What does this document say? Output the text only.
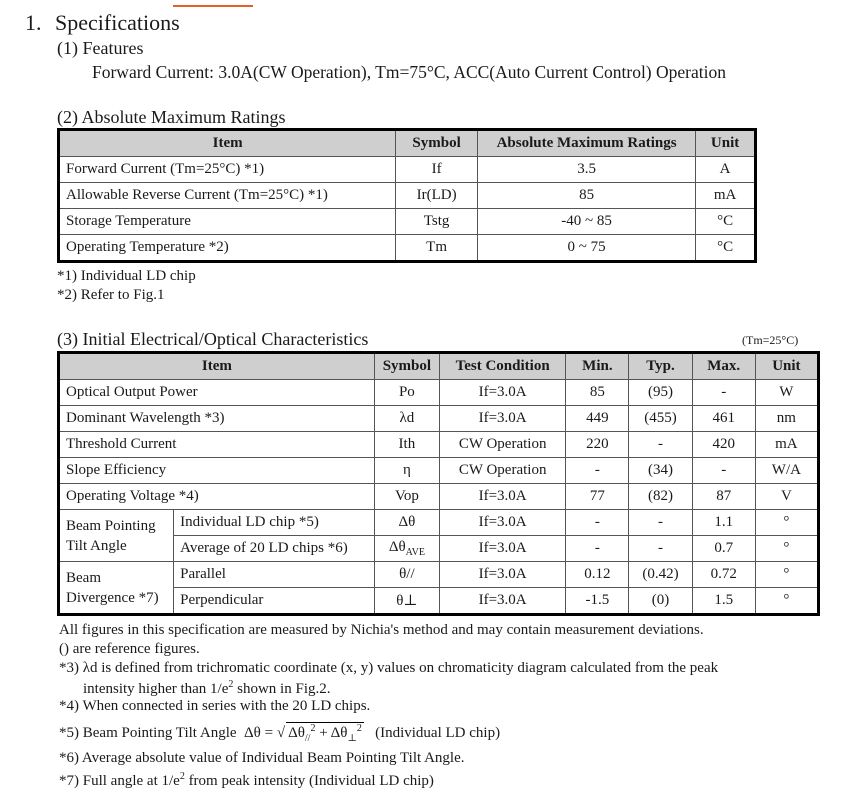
1. Specifications
(1) Features
Forward Current: 3.0A(CW Operation), Tm=75°C, ACC(Auto Current Control) Operation
(2) Absolute Maximum Ratings
Item	Symbol	Absolute Maximum Ratings	Unit
Forward Current (Tm=25°C) *1)	If	3.5	A
Allowable Reverse Current (Tm=25°C) *1)	Ir(LD)	85	mA
Storage Temperature	Tstg	-40 ~ 85	°C
Operating Temperature *2)	Tm	0 ~ 75	°C
*1) Individual LD chip
*2) Refer to Fig.1
(3) Initial Electrical/Optical Characteristics	(Tm=25°C)
Item		Symbol	Test Condition	Min.	Typ.	Max.	Unit
Optical Output Power		Po	If=3.0A	85	(95)	-	W
Dominant Wavelength *3)		λd	If=3.0A	449	(455)	461	nm
Threshold Current		Ith	CW Operation	220	-	420	mA
Slope Efficiency		η	CW Operation	-	(34)	-	W/A
Operating Voltage *4)		Vop	If=3.0A	77	(82)	87	V
Beam Pointing Tilt Angle	Individual LD chip *5)	Δθ	If=3.0A	-	-	1.1	°
	Average of 20 LD chips *6)	$\Delta\theta_{AVE}$	If=3.0A	-	-	0.7	°
Beam Divergence *7)	Parallel	θ//	If=3.0A	0.12	(0.42)	0.72	°
	Perpendicular	θ⊥	If=3.0A	-1.5	(0)	1.5	°
All figures in this specification are measured by Nichia's method and may contain measurement deviations.
() are reference figures.
*3) λd is defined from trichromatic coordinate (x, y) values on chromaticity diagram calculated from the peak
intensity higher than $1/e^2$ shown in Fig.2.
*4) When connected in series with the 20 LD chips.
*5) Beam Pointing Tilt Angle Δθ = √ $\Delta\theta_{//}^2 + \Delta\theta_\perp^2$ (Individual LD chip)
*6) Average absolute value of Individual Beam Pointing Tilt Angle.
*7) Full angle at $1/e^2$ from peak intensity (Individual LD chip)
